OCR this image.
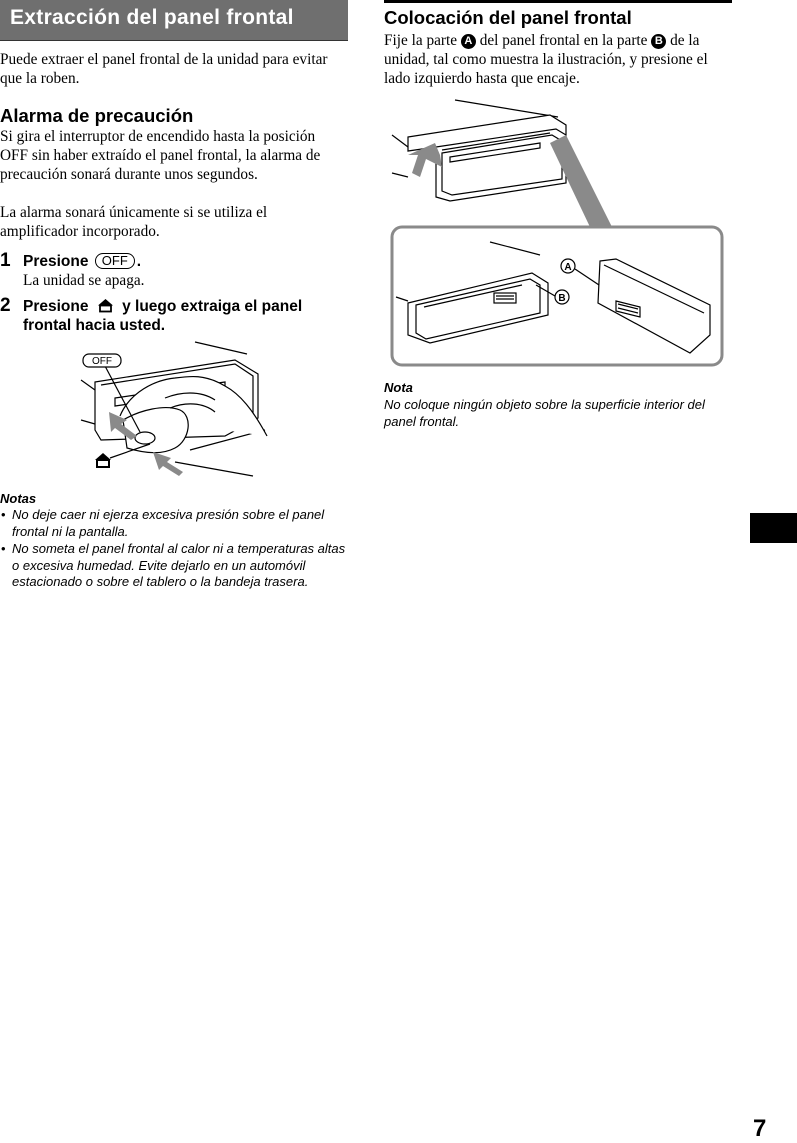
Extracción del panel frontal
Puede extraer el panel frontal de la unidad para evitar que la roben.
Alarma de precaución
Si gira el interruptor de encendido hasta la posición OFF sin haber extraído el panel frontal, la alarma de precaución sonará durante unos segundos.
La alarma sonará únicamente si se utiliza el amplificador incorporado.
1 Presione OFF .
La unidad se apaga.
2 Presione y luego extraiga el panel frontal hacia usted.
OFF
Notas
• No deje caer ni ejerza excesiva presión sobre el panel frontal ni la pantalla.
• No someta el panel frontal al calor ni a temperaturas altas o excesiva humedad. Evite dejarlo en un automóvil estacionado o sobre el tablero o la bandeja trasera.
Colocación del panel frontal
Fije la parte A del panel frontal en la parte B de la unidad, tal como muestra la ilustración, y presione el lado izquierdo hasta que encaje.
A
B
Nota
No coloque ningún objeto sobre la superficie interior del panel frontal.
7
